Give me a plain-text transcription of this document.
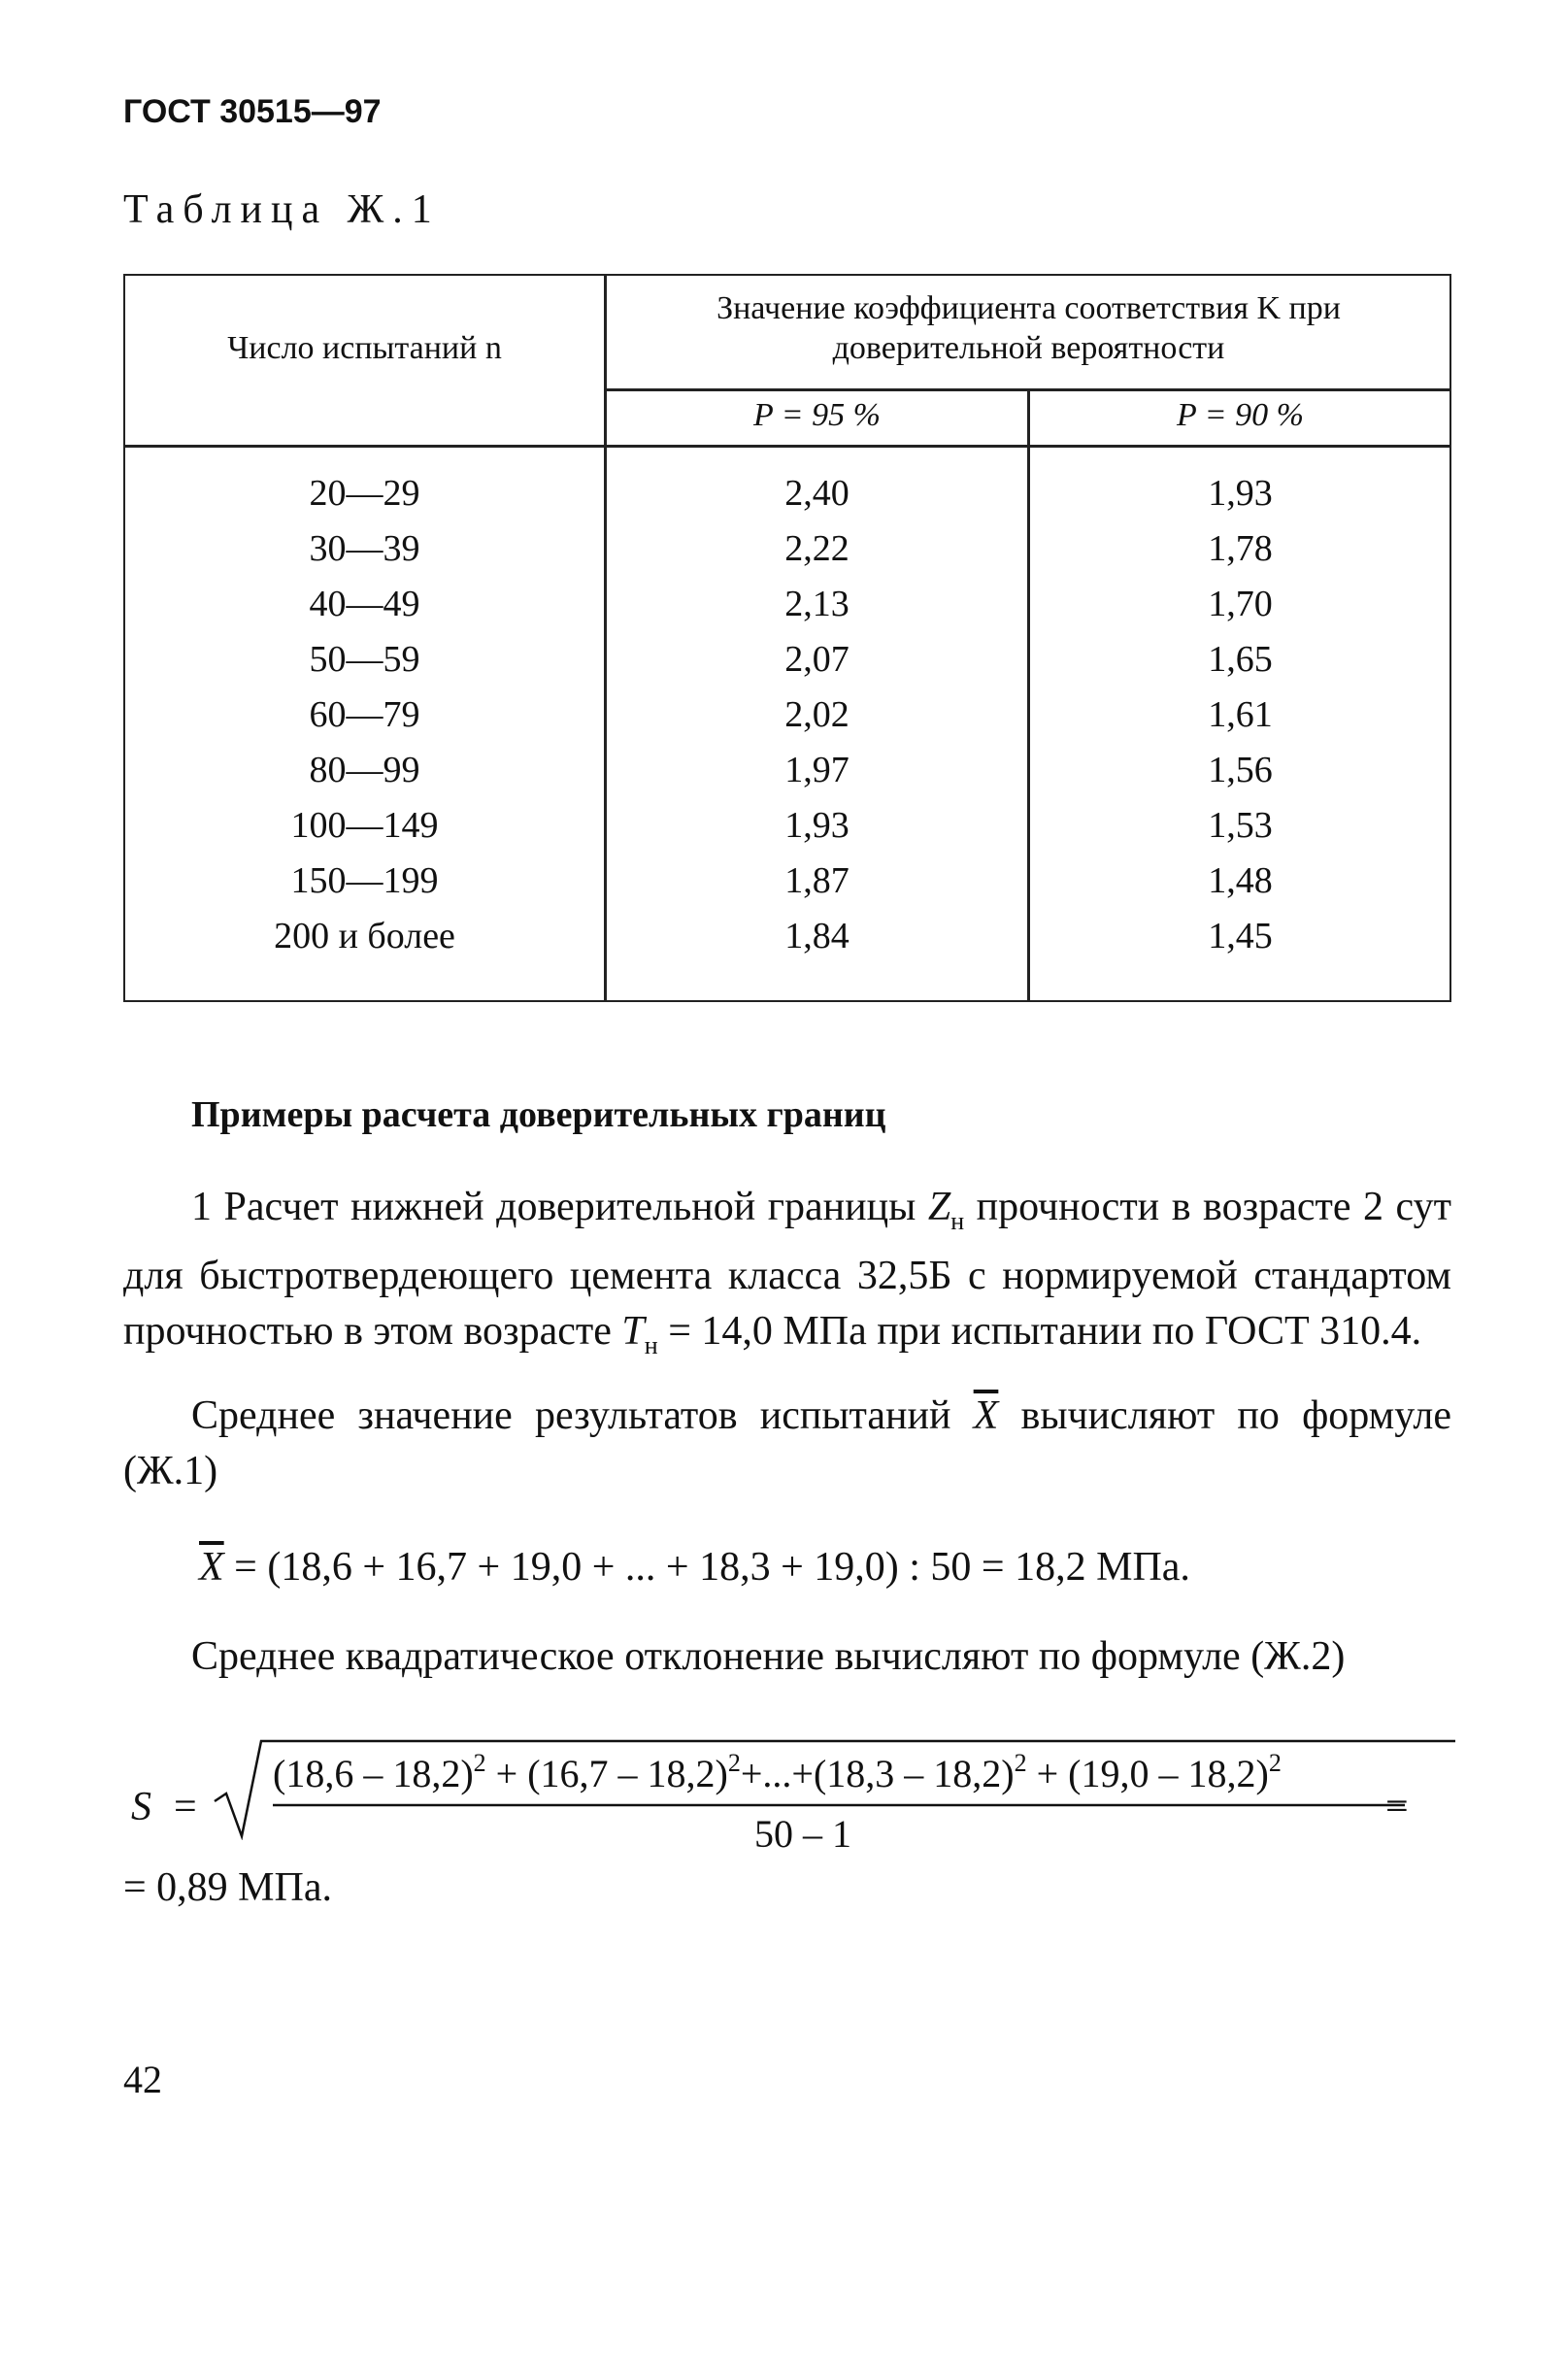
ГОСТ 30515—97
Таблица Ж.1
Число испытаний n
Значение коэффициента соответствия K при
доверительной вероятности
P = 95 %	P = 90 %
20—29	2,40	1,93
30—39	2,22	1,78
40—49	2,13	1,70
50—59	2,07	1,65
60—79	2,02	1,61
80—99	1,97	1,56
100—149	1,93	1,53
150—199	1,87	1,48
200 и более	1,84	1,45
Примеры расчета доверительных границ
1 Расчет нижней доверительной границы $Z_н$ прочности в возрасте 2 сут для быстротвердеющего цемента класса 32,5Б с нормируемой стандартом прочностью в этом возрасте $T_н = 14,0$ МПа при испытании по ГОСТ 310.4.
Среднее значение результатов испытаний $\overline{X}$ вычисляют по формуле (Ж.1)
$\overline{X} = (18,6 + 16,7 + 19,0$ + ... + 18,3 + 19,0) : 50 = 18,2 МПа.
Среднее квадратическое отклонение вычисляют по формуле (Ж.2)
S =
(18,6 – 18,2)$^2$ + (16,7 – 18,2)$^2$+...+(18,3 – 18,2)$^2$ + (19,0 – 18,2)$^2$
50 – 1
=
= 0,89 МПа.
42
